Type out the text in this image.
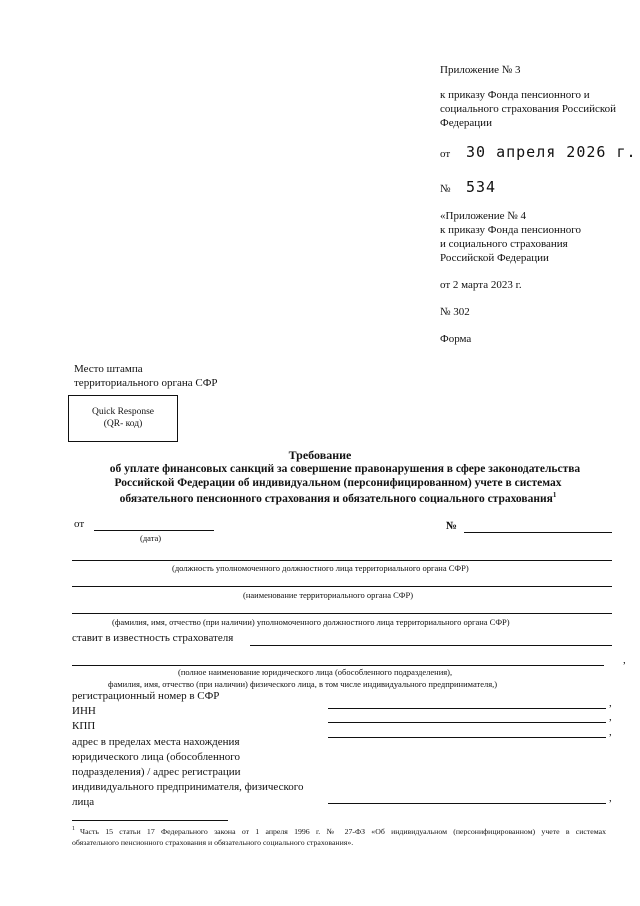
Приложение № 3
к приказу Фонда пенсионного и
социального страхования Российской
Федерации
от 30 апреля 2026 г.
№ 534
«Приложение № 4
к приказу Фонда пенсионного
и социального страхования
Российской Федерации
от 2 марта 2023 г.
№ 302
Форма
Место штампа
территориального органа СФР
Quick Response
(QR- код)
Требование
об уплате финансовых санкций за совершение правонарушения в сфере законодательства
Российской Федерации об индивидуальном (персонифицированном) учете в системах
обязательного пенсионного страхования и обязательного социального страхования$^1$
от
(дата)
№
(должность уполномоченного должностного лица территориального органа СФР)
(наименование территориального органа СФР)
(фамилия, имя, отчество (при наличии) уполномоченного должностного лица территориального органа СФР)
ставит в известность страхователя
,
(полное наименование юридического лица (обособленного подразделения),
фамилия, имя, отчество (при наличии) физического лица, в том числе индивидуального предпринимателя,)
регистрационный номер в СФР
ИНН
,
КПП
,
,
адрес в пределах места нахождения
юридического лица (обособленного
подразделения) / адрес регистрации
индивидуального предпринимателя, физического
лица	,
1 Часть 15 статьи 17 Федерального закона от 1 апреля 1996 г. № 27-ФЗ «Об индивидуальном (персонифицированном) учете в системах
обязательного пенсионного страхования и обязательного социального страхования».
